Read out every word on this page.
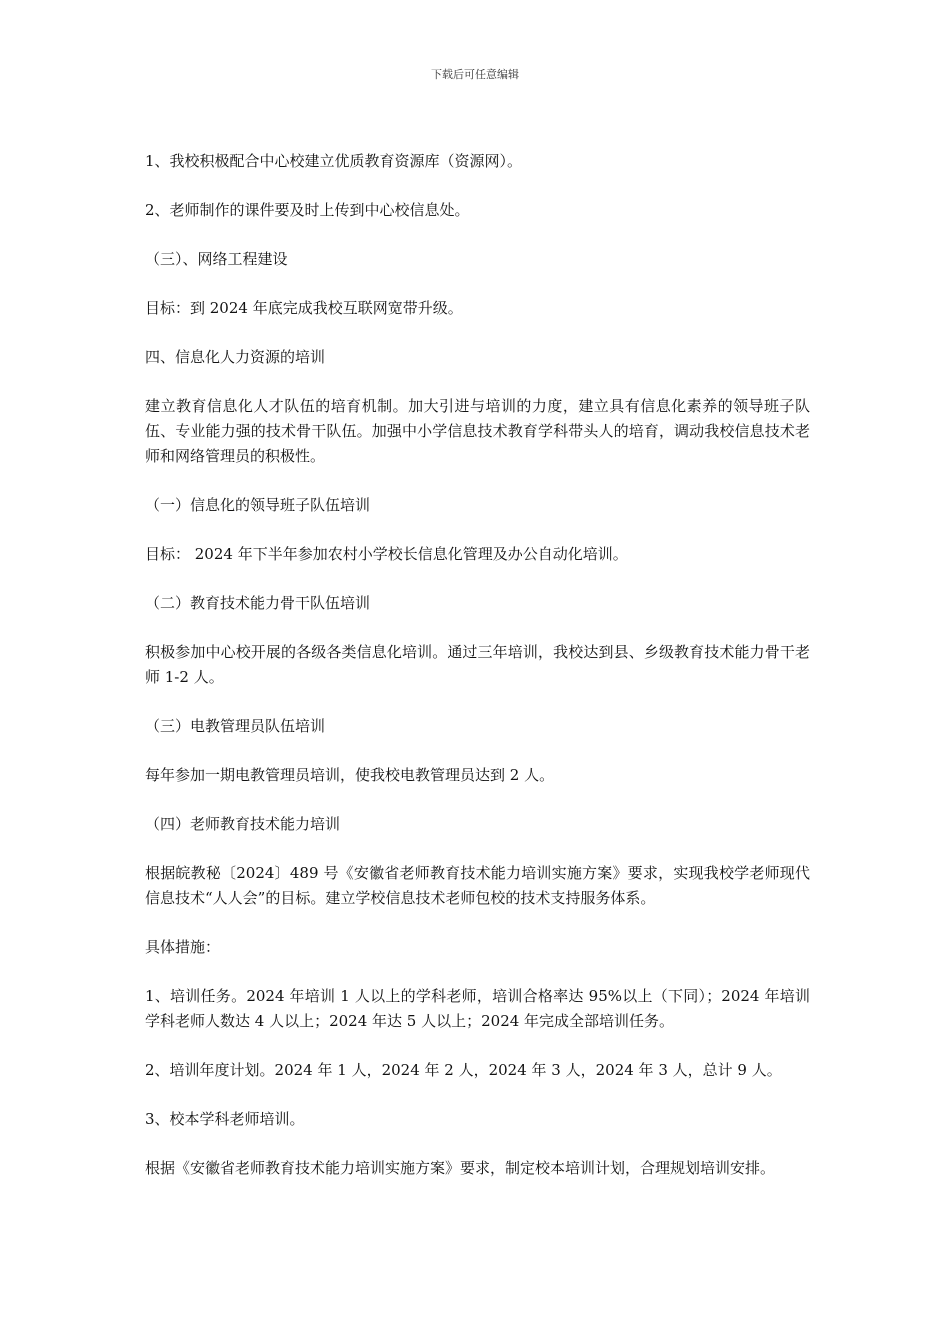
下载后可任意编辑

1、我校积极配合中心校建立优质教育资源库（资源网）。

2、老师制作的课件要及时上传到中心校信息处。

（三）、网络工程建设

目标：到 2024 年底完成我校互联网宽带升级。

四、信息化人力资源的培训

建立教育信息化人才队伍的培育机制。加大引进与培训的力度，建立具有信息化素养的领导班子队伍、专业能力强的技术骨干队伍。加强中小学信息技术教育学科带头人的培育，调动我校信息技术老师和网络管理员的积极性。

（一）信息化的领导班子队伍培训

目标： 2024 年下半年参加农村小学校长信息化管理及办公自动化培训。

（二）教育技术能力骨干队伍培训

积极参加中心校开展的各级各类信息化培训。通过三年培训，我校达到县、乡级教育技术能力骨干老师 1-2 人。

（三）电教管理员队伍培训

每年参加一期电教管理员培训，使我校电教管理员达到 2 人。

（四）老师教育技术能力培训

根据皖教秘〔2024〕489 号《安徽省老师教育技术能力培训实施方案》要求，实现我校学老师现代信息技术“人人会”的目标。建立学校信息技术老师包校的技术支持服务体系。

具体措施：

1、培训任务。2024 年培训 1 人以上的学科老师，培训合格率达 95%以上（下同）；2024 年培训学科老师人数达 4 人以上；2024 年达 5 人以上；2024 年完成全部培训任务。

2、培训年度计划。2024 年 1 人，2024 年 2 人，2024 年 3 人，2024 年 3 人，总计 9 人。

3、校本学科老师培训。

根据《安徽省老师教育技术能力培训实施方案》要求，制定校本培训计划，合理规划培训安排。
